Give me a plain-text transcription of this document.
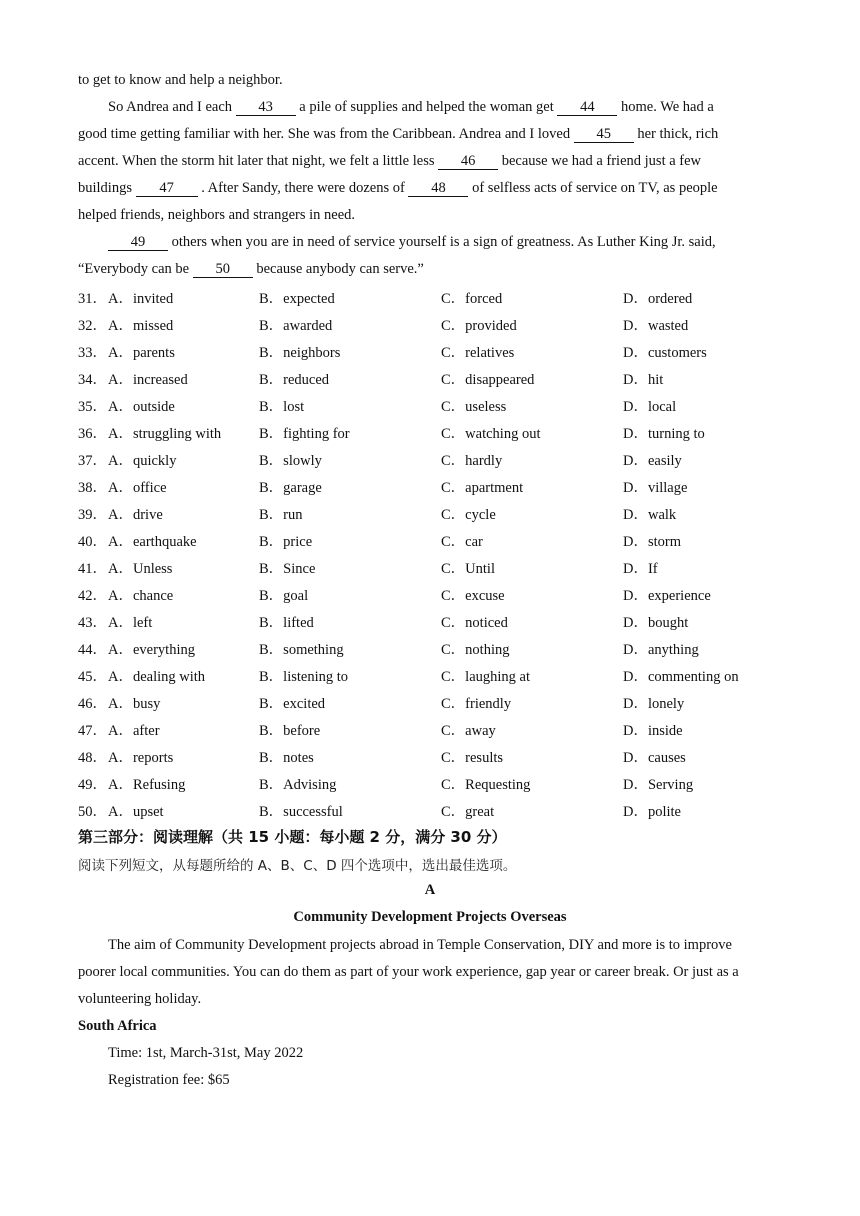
to get to know and help a neighbor.
So Andrea and I each 43 a pile of supplies and helped the woman get 44 home. We had a
good time getting familiar with her. She was from the Caribbean. Andrea and I loved 45 her thick, rich
accent. When the storm hit later that night, we felt a little less 46 because we had a friend just a few
buildings 47 . After Sandy, there were dozens of 48 of selfless acts of service on TV, as people
helped friends, neighbors and strangers in need.
49 others when you are in need of service yourself is a sign of greatness. As Luther King Jr. said,
“Everybody can be 50 because anybody can serve.”
31． A．invited	B．expected	C．forced	D．ordered
32． A．missed	B．awarded	C．provided	D．wasted
33． A．parents	B．neighbors	C．relatives	D．customers
34． A．increased	B．reduced	C．disappeared	D．hit
35． A．outside	B．lost	C．useless	D．local
36． A．struggling with	B．fighting for	C．watching out	D．turning to
37． A．quickly	B．slowly	C．hardly	D．easily
38． A．office	B．garage	C．apartment	D．village
39． A．drive	B．run	C．cycle	D．walk
40． A．earthquake	B．price	C．car	D．storm
41． A．Unless	B．Since	C．Until	D．If
42． A．chance	B．goal	C．excuse	D．experience
43． A．left	B．lifted	C．noticed	D．bought
44． A．everything	B．something	C．nothing	D．anything
45． A．dealing with	B．listening to	C．laughing at	D．commenting on
46． A．busy	B．excited	C．friendly	D．lonely
47． A．after	B．before	C．away	D．inside
48． A．reports	B．notes	C．results	D．causes
49． A．Refusing	B．Advising	C．Requesting	D．Serving
50． A．upset	B．successful	C．great	D．polite
第三部分：阅读理解（共 15 小题：每小题 2 分，满分 30 分）
阅读下列短文，从每题所给的 A、B、C、D 四个选项中，选出最佳选项。
A
Community Development Projects Overseas
The aim of Community Development projects abroad in Temple Conservation, DIY and more is to improve
poorer local communities. You can do them as part of your work experience, gap year or career break. Or just as a
volunteering holiday.
South Africa
Time: 1st, March-31st, May 2022
Registration fee: $65
